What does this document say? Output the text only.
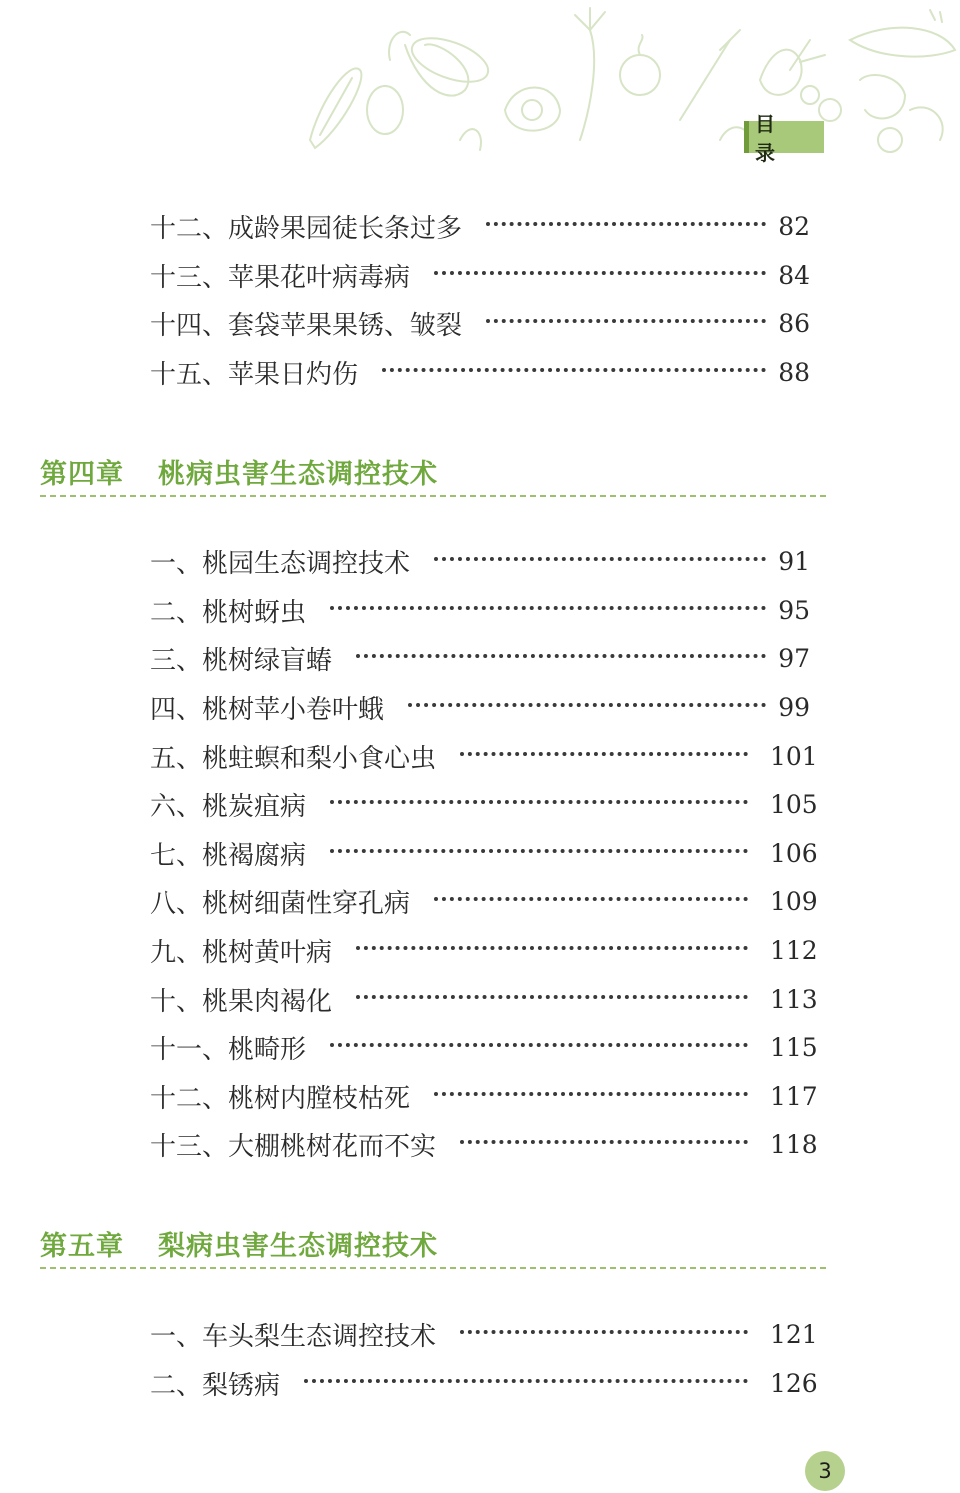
目 录
十二、成龄果园徒长条过多	82
十三、苹果花叶病毒病	84
十四、套袋苹果果锈、皱裂	86
十五、苹果日灼伤	88
第四章	桃病虫害生态调控技术
一、桃园生态调控技术	91
二、桃树蚜虫	95
三、桃树绿盲蝽	97
四、桃树苹小卷叶蛾	99
五、桃蛀螟和梨小食心虫	101
六、桃炭疽病	105
七、桃褐腐病	106
八、桃树细菌性穿孔病	109
九、桃树黄叶病	112
十、桃果肉褐化	113
十一、桃畸形	115
十二、桃树内膛枝枯死	117
十三、大棚桃树花而不实	118
第五章	梨病虫害生态调控技术
一、车头梨生态调控技术	121
二、梨锈病	126
3
